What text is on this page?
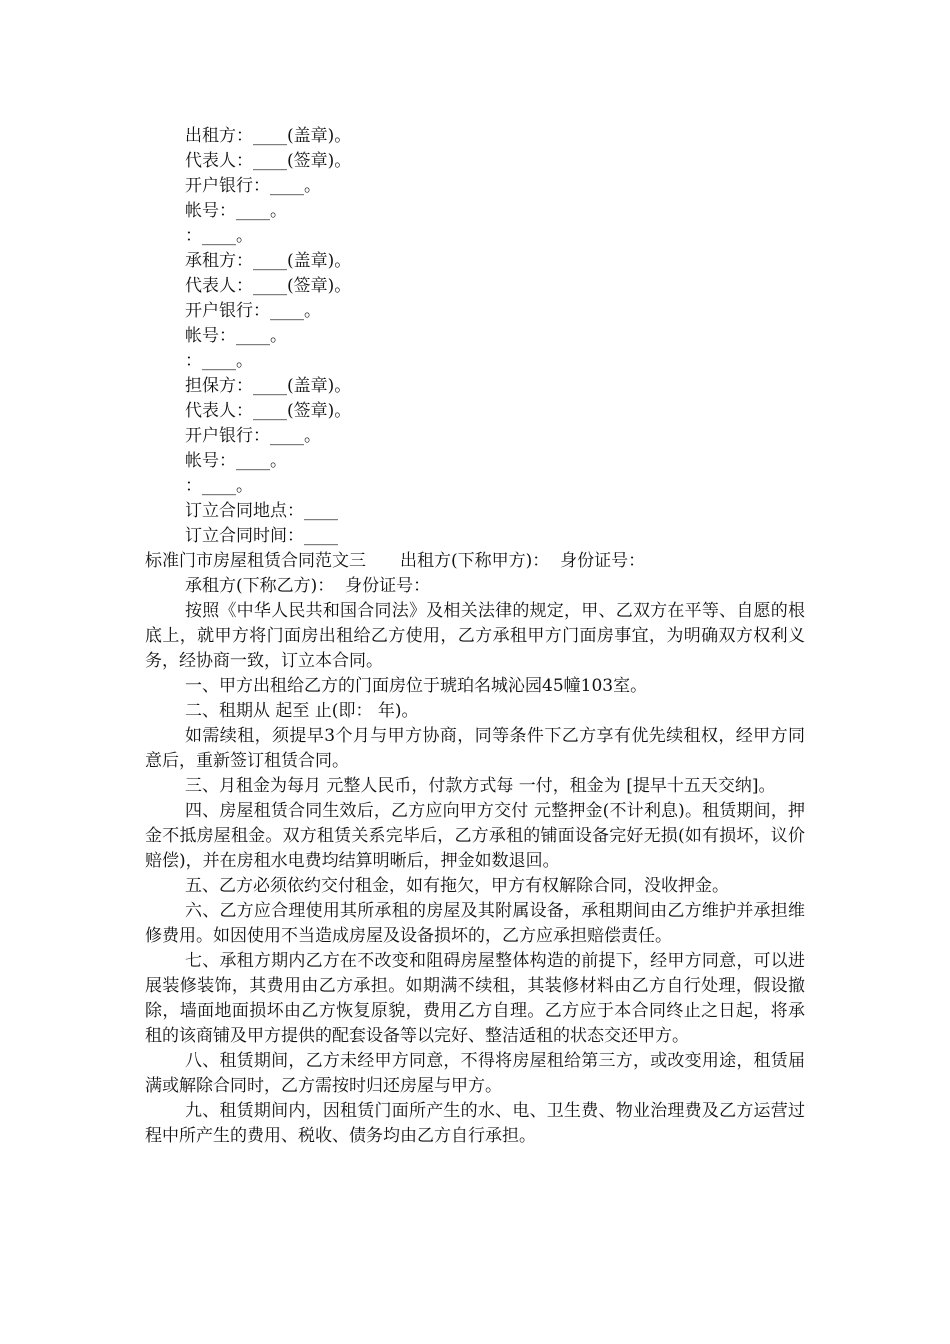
出租方：____(盖章)。
代表人：____(签章)。
开户银行：____。
帐号：____。
：____。
承租方：____(盖章)。
代表人：____(签章)。
开户银行：____。
帐号：____。
：____。
担保方：____(盖章)。
代表人：____(签章)。
开户银行：____。
帐号：____。
：____。
订立合同地点：____
订立合同时间：____
标准门市房屋租赁合同范文三　　出租方(下称甲方)：  身份证号：
承租方(下称乙方)：  身份证号：
按照《中华人民共和国合同法》及相关法律的规定，甲、乙双方在平等、自愿的根底上，就甲方将门面房出租给乙方使用，乙方承租甲方门面房事宜，为明确双方权利义务，经协商一致，订立本合同。
一、甲方出租给乙方的门面房位于琥珀名城沁园45幢103室。
二、租期从 起至 止(即： 年)。
如需续租，须提早3个月与甲方协商，同等条件下乙方享有优先续租权，经甲方同意后，重新签订租赁合同。
三、月租金为每月 元整人民币，付款方式每 一付，租金为 [提早十五天交纳]。
四、房屋租赁合同生效后，乙方应向甲方交付 元整押金(不计利息)。租赁期间，押金不抵房屋租金。双方租赁关系完毕后，乙方承租的铺面设备完好无损(如有损坏，议价赔偿)，并在房租水电费均结算明晰后，押金如数退回。
五、乙方必须依约交付租金，如有拖欠，甲方有权解除合同，没收押金。
六、乙方应合理使用其所承租的房屋及其附属设备，承租期间由乙方维护并承担维修费用。如因使用不当造成房屋及设备损坏的，乙方应承担赔偿责任。
七、承租方期内乙方在不改变和阻碍房屋整体构造的前提下，经甲方同意，可以进展装修装饰，其费用由乙方承担。如期满不续租，其装修材料由乙方自行处理，假设撤除，墙面地面损坏由乙方恢复原貌，费用乙方自理。乙方应于本合同终止之日起，将承租的该商铺及甲方提供的配套设备等以完好、整洁适租的状态交还甲方。
八、租赁期间，乙方未经甲方同意，不得将房屋租给第三方，或改变用途，租赁届满或解除合同时，乙方需按时归还房屋与甲方。
九、租赁期间内，因租赁门面所产生的水、电、卫生费、物业治理费及乙方运营过程中所产生的费用、税收、债务均由乙方自行承担。
